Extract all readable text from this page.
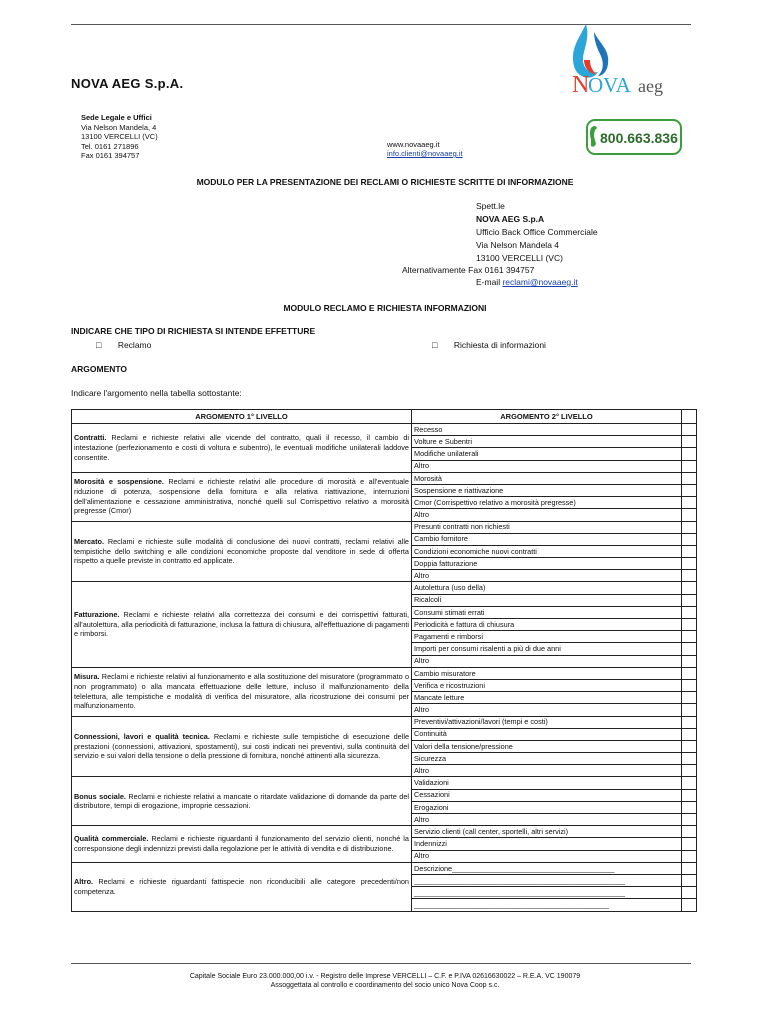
NOVA AEG S.p.A.
Sede Legale e Uffici
Via Nelson Mandela, 4
13100 VERCELLI (VC)
Tel. 0161 271896
Fax 0161 394757
www.novaaeg.it
info.clienti@novaaeg.it
N
OVA aeg
800.663.836
MODULO PER LA PRESENTAZIONE DEI RECLAMI O RICHIESTE SCRITTE DI INFORMAZIONE
Spett.le
NOVA AEG S.p.A
Ufficio Back Office Commerciale
Via Nelson Mandela 4
13100 VERCELLI (VC)
Alternativamente Fax 0161 394757
E-mail reclami@novaaeg.it
MODULO RECLAMO E RICHIESTA INFORMAZIONI
INDICARE CHE TIPO DI RICHIESTA SI INTENDE EFFETTURE
□ Reclamo	□ Richiesta di informazioni
ARGOMENTO
Indicare l'argomento nella tabella sottostante:
ARGOMENTO 1° LIVELLO	ARGOMENTO 2° LIVELLO	
Contratti. Reclami e richieste relativi alle vicende del contratto, quali il recesso, il cambio di intestazione (perfezionamento e costi di voltura e subentro), le eventuali modifiche unilaterali laddove consentite.	Recesso	
	Volture e Subentri	
	Modifiche unilaterali	
	Altro	
Morosità e sospensione. Reclami e richieste relativi alle procedure di morosità e all'eventuale riduzione di potenza, sospensione della fornitura e alla relativa riattivazione, interruzioni dell'alimentazione e cessazione amministrativa, nonché quelli sul Corrispettivo relativo a morosità pregresse (Cmor)	Morosità	
	Sospensione e riattivazione	
	Cmor (Corrispettivo relativo a morosità pregresse)	
	Altro	
Mercato. Reclami e richieste sulle modalità di conclusione dei nuovi contratti, reclami relativi alle tempistiche dello switching e alle condizioni economiche proposte dal venditore in sede di offerta rispetto a quelle previste in contratto ed applicate.	Presunti contratti non richiesti	
	Cambio fornitore	
	Condizioni economiche nuovi contratti	
	Doppia fatturazione	
	Altro	
Fatturazione. Reclami e richieste relativi alla correttezza dei consumi e dei corrispettivi fatturati, all'autolettura, alla periodicità di fatturazione, inclusa la fattura di chiusura, all'effettuazione di pagamenti e rimborsi.	Autolettura (uso della)	
	Ricalcoli	
	Consumi stimati errati	
	Periodicità e fattura di chiusura	
	Pagamenti e rimborsi	
	Importi per consumi risalenti a più di due anni	
	Altro	
Misura. Reclami e richieste relativi al funzionamento e alla sostituzione del misuratore (programmato o non programmato) o alla mancata effettuazione delle letture, incluso il malfunzionamento della telelettura, alle tempistiche e modalità di verifica del misuratore, alla ricostruzione dei consumi per malfunzionamento.	Cambio misuratore	
	Verifica e ricostruzioni	
	Mancate letture	
	Altro	
Connessioni, lavori e qualità tecnica. Reclami e richieste sulle tempistiche di esecuzione delle prestazioni (connessioni, attivazioni, spostamenti), sui costi indicati nei preventivi, sulla continuità del servizio e sui valori della tensione o della pressione di fornitura, nonché attinenti alla sicurezza.	Preventivi/attivazioni/lavori (tempi e costi)	
	Continuità	
	Valori della tensione/pressione	
	Sicurezza	
	Altro	
Bonus sociale. Reclami e richieste relativi a mancate o ritardate validazione di domande da parte del distributore, tempi di erogazione, improprie cessazioni.	Validazioni	
	Cessazioni	
	Erogazioni	
	Altro	
Qualità commerciale. Reclami e richieste riguardanti il funzionamento del servizio clienti, nonché la corresponsione degli indennizzi previsti dalla regolazione per le attività di vendita e di distribuzione.	Servizio clienti (call center, sportelli, altri servizi)	
	Indennizzi	
	Altro	
Altro. Reclami e richieste riguardanti fattispecie non riconducibili alle categore precedenti/non competenza.	Descrizione________________________________________	
	____________________________________________________	
	____________________________________________________	
	________________________________________________	
Capitale Sociale Euro 23.000.000,00 i.v. - Registro delle Imprese VERCELLI – C.F. e P.IVA 02616630022 – R.E.A. VC 190079
Assoggettata al controllo e coordinamento del socio unico Nova Coop s.c.
